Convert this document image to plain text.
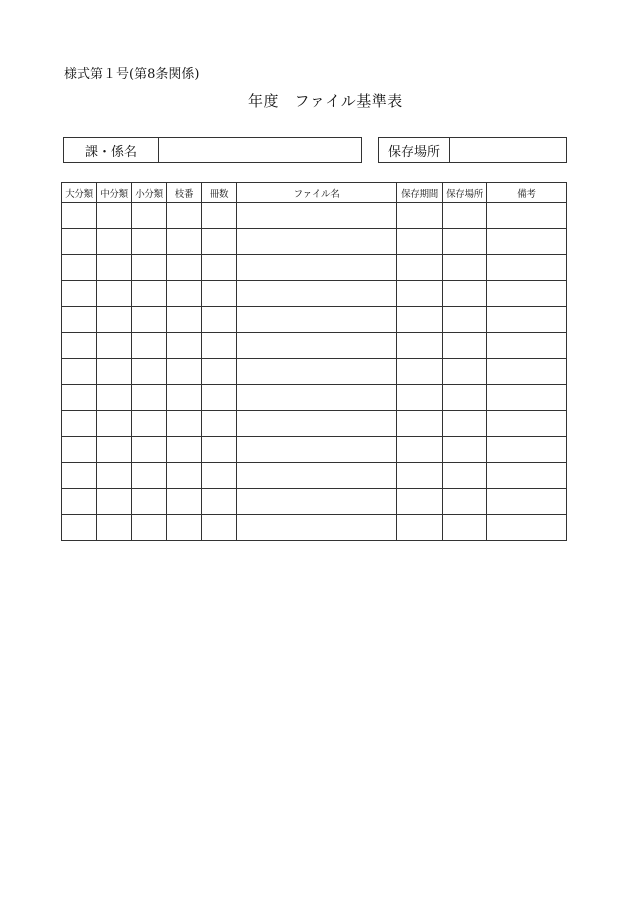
様式第１号(第8条関係)
年度　ファイル基準表
課・係名	保存場所
大分類	中分類	小分類	枝番	冊数	ファイル名	保存期間	保存場所	備考
